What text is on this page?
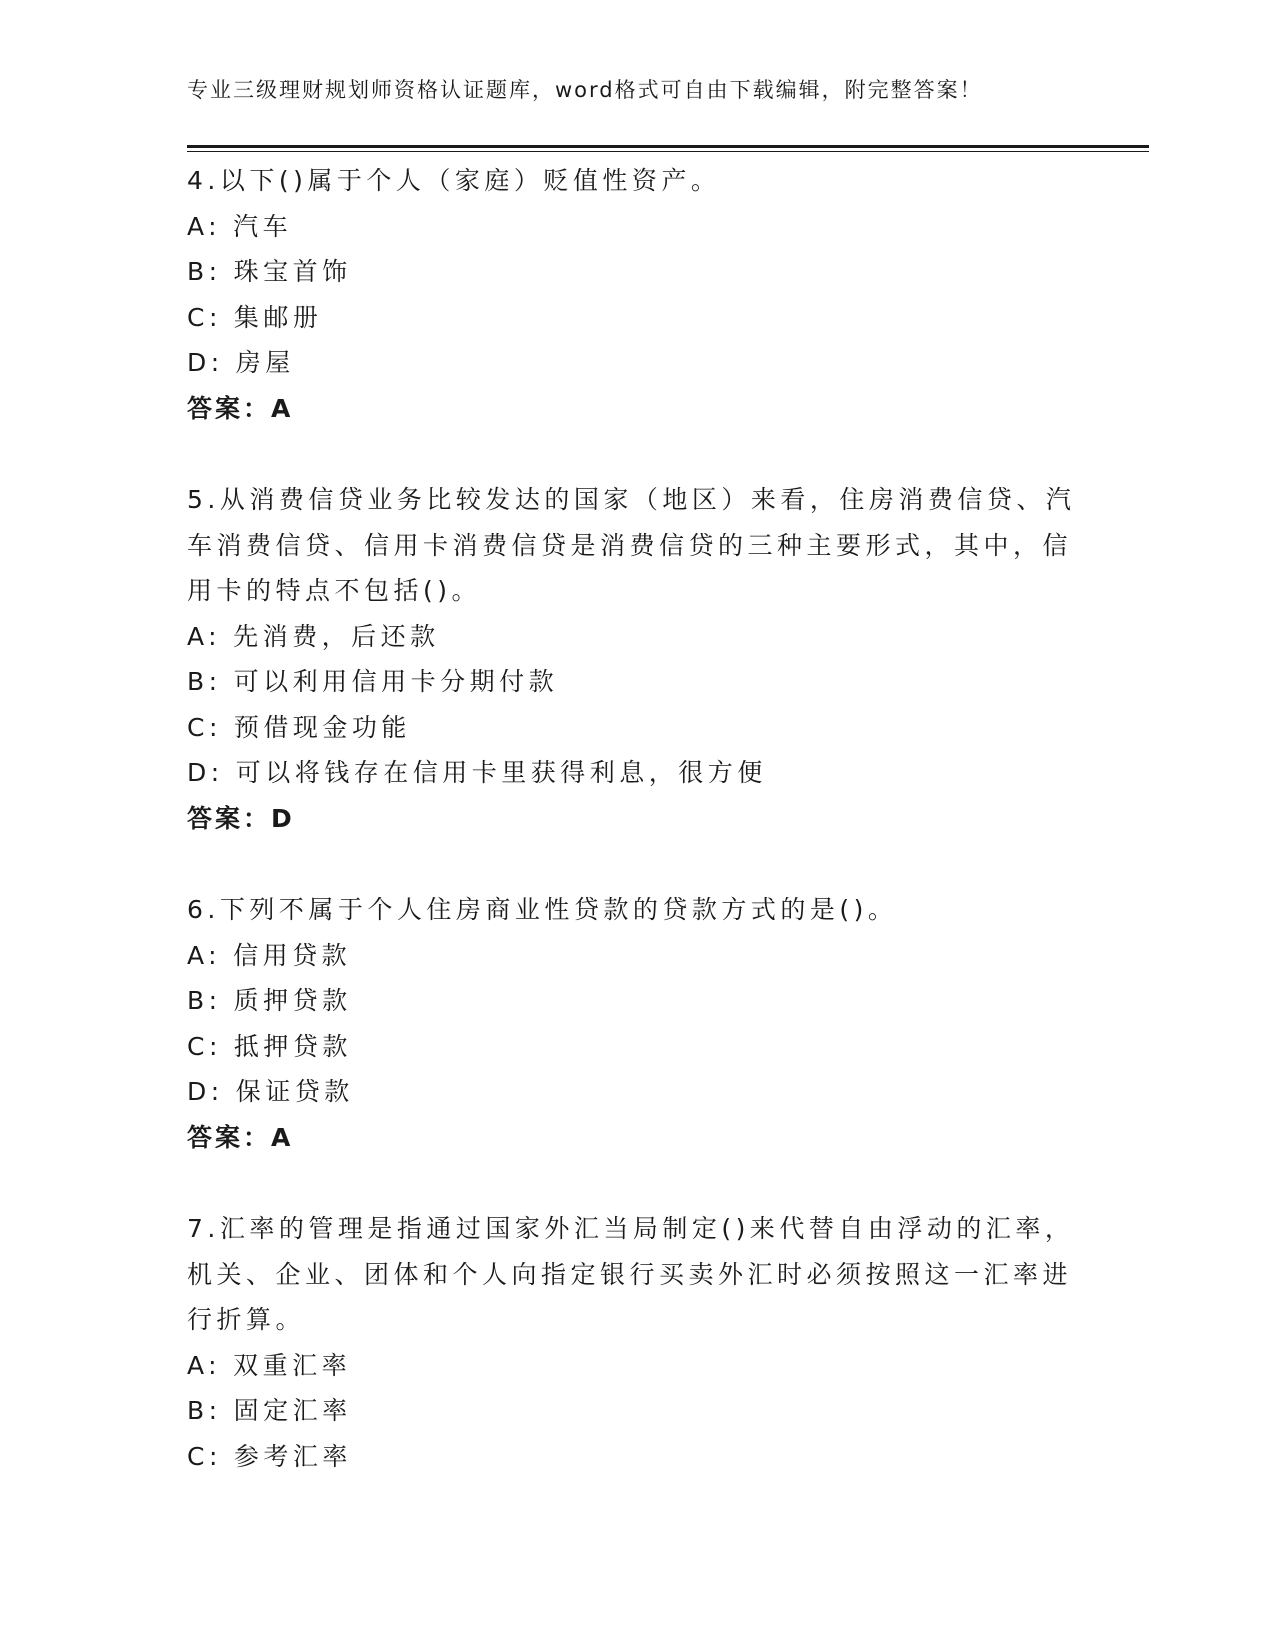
专业三级理财规划师资格认证题库，word格式可自由下载编辑，附完整答案！

4.以下()属于个人（家庭）贬值性资产。

A: 汽车
B: 珠宝首饰
C: 集邮册
D: 房屋
答案：A

5.从消费信贷业务比较发达的国家（地区）来看，住房消费信贷、汽车消费信贷、信用卡消费信贷是消费信贷的三种主要形式，其中，信用卡的特点不包括()。

A: 先消费，后还款
B: 可以利用信用卡分期付款
C: 预借现金功能
D: 可以将钱存在信用卡里获得利息，很方便
答案：D

6.下列不属于个人住房商业性贷款的贷款方式的是()。

A: 信用贷款
B: 质押贷款
C: 抵押贷款
D: 保证贷款
答案：A

7.汇率的管理是指通过国家外汇当局制定()来代替自由浮动的汇率，机关、企业、团体和个人向指定银行买卖外汇时必须按照这一汇率进行折算。

A: 双重汇率
B: 固定汇率
C: 参考汇率
